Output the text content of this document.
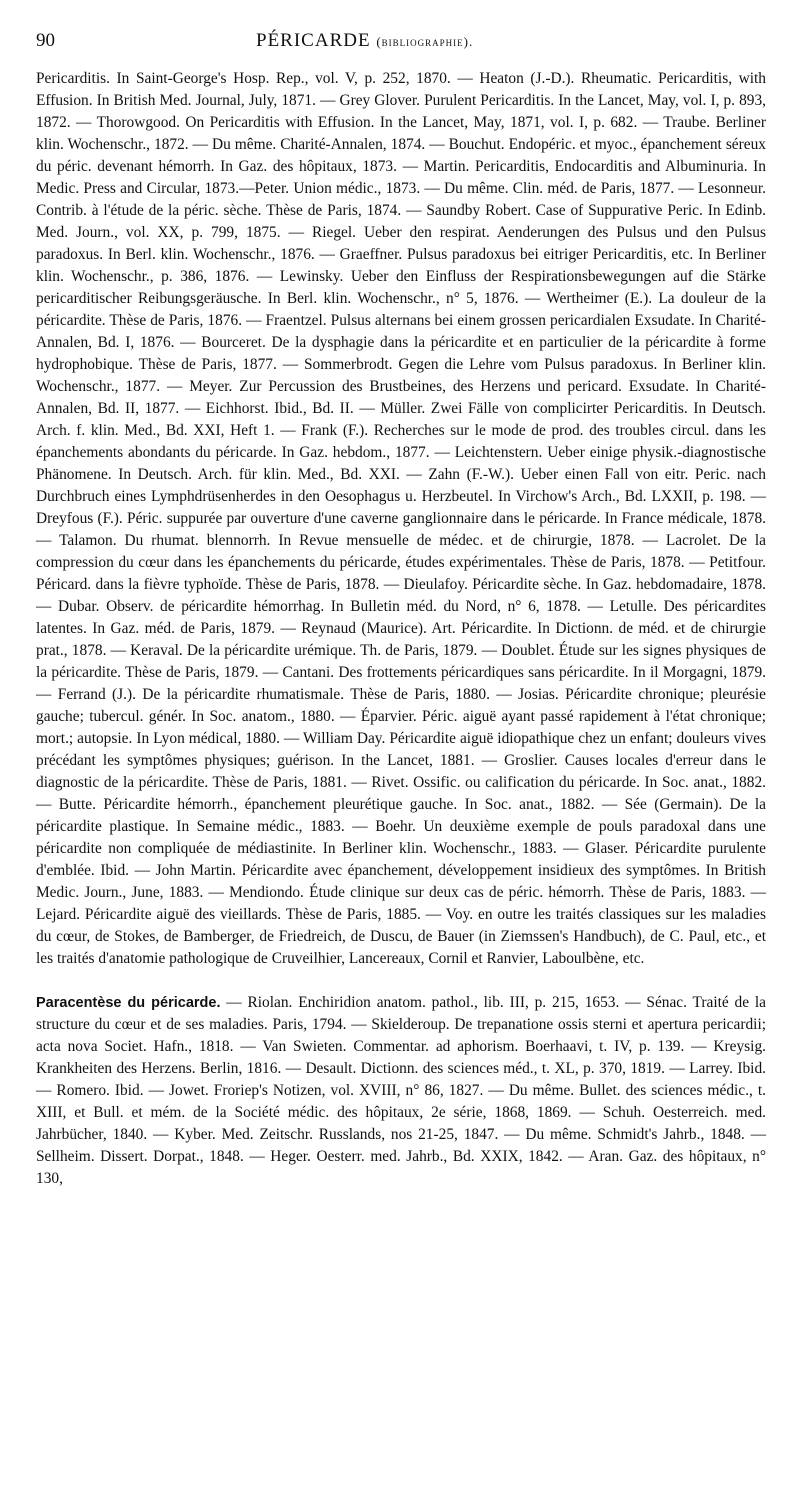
90	PÉRICARDE (bibliographie).

Pericarditis. In Saint-George's Hosp. Rep., vol. V, p. 252, 1870. — Heaton (J.-D.). Rheumatic. Pericarditis, with Effusion. In British Med. Journal, July, 1871. — Grey Glover. Purulent Pericarditis. In the Lancet, May, vol. I, p. 893, 1872. — Thorowgood. On Pericarditis with Effusion. In the Lancet, May, 1871, vol. I, p. 682. — Traube. Berliner klin. Wochenschr., 1872. — Du même. Charité-Annalen, 1874. — Bouchut. Endopéric. et myoc., épanchement séreux du péric. devenant hémorrh. In Gaz. des hôpitaux, 1873. — Martin. Pericarditis, Endocarditis and Albuminuria. In Medic. Press and Circular, 1873.—Peter. Union médic., 1873. — Du même. Clin. méd. de Paris, 1877. — Lesonneur. Contrib. à l'étude de la péric. sèche. Thèse de Paris, 1874. — Saundby Robert. Case of Suppurative Peric. In Edinb. Med. Journ., vol. XX, p. 799, 1875. — Riegel. Ueber den respirat. Aenderungen des Pulsus und den Pulsus paradoxus. In Berl. klin. Wochenschr., 1876. — Graeffner. Pulsus paradoxus bei eitriger Pericarditis, etc. In Berliner klin. Wochenschr., p. 386, 1876. — Lewinsky. Ueber den Einfluss der Respirationsbewegungen auf die Stärke pericarditischer Reibungsgeräusche. In Berl. klin. Wochenschr., n° 5, 1876. — Wertheimer (E.). La douleur de la péricardite. Thèse de Paris, 1876. — Fraentzel. Pulsus alternans bei einem grossen pericardialen Exsudate. In Charité-Annalen, Bd. I, 1876. — Bourceret. De la dysphagie dans la péricardite et en particulier de la péricardite à forme hydrophobique. Thèse de Paris, 1877. — Sommerbrodt. Gegen die Lehre vom Pulsus paradoxus. In Berliner klin. Wochenschr., 1877. — Meyer. Zur Percussion des Brustbeines, des Herzens und pericard. Exsudate. In Charité-Annalen, Bd. II, 1877. — Eichhorst. Ibid., Bd. II. — Müller. Zwei Fälle von complicirter Pericarditis. In Deutsch. Arch. f. klin. Med., Bd. XXI, Heft 1. — Frank (F.). Recherches sur le mode de prod. des troubles circul. dans les épanchements abondants du péricarde. In Gaz. hebdom., 1877. — Leichtenstern. Ueber einige physik.-diagnostische Phänomene. In Deutsch. Arch. für klin. Med., Bd. XXI. — Zahn (F.-W.). Ueber einen Fall von eitr. Peric. nach Durchbruch eines Lymphdrüsenherdes in den Oesophagus u. Herzbeutel. In Virchow's Arch., Bd. LXXII, p. 198. — Dreyfous (F.). Péric. suppurée par ouverture d'une caverne ganglionnaire dans le péricarde. In France médicale, 1878. — Talamon. Du rhumat. blennorrh. In Revue mensuelle de médec. et de chirurgie, 1878. — Lacrolet. De la compression du cœur dans les épanchements du péricarde, études expérimentales. Thèse de Paris, 1878. — Petitfour. Péricard. dans la fièvre typhoïde. Thèse de Paris, 1878. — Dieulafoy. Péricardite sèche. In Gaz. hebdomadaire, 1878. — Dubar. Observ. de péricardite hémorrhag. In Bulletin méd. du Nord, n° 6, 1878. — Letulle. Des péricardites latentes. In Gaz. méd. de Paris, 1879. — Reynaud (Maurice). Art. Péricardite. In Dictionn. de méd. et de chirurgie prat., 1878. — Keraval. De la péricardite urémique. Th. de Paris, 1879. — Doublet. Étude sur les signes physiques de la péricardite. Thèse de Paris, 1879. — Cantani. Des frottements péricardiques sans péricardite. In il Morgagni, 1879. — Ferrand (J.). De la péricardite rhumatismale. Thèse de Paris, 1880. — Josias. Péricardite chronique; pleurésie gauche; tubercul. génér. In Soc. anatom., 1880. — Éparvier. Péric. aiguë ayant passé rapidement à l'état chronique; mort.; autopsie. In Lyon médical, 1880. — William Day. Péricardite aiguë idiopathique chez un enfant; douleurs vives précédant les symptômes physiques; guérison. In the Lancet, 1881. — Groslier. Causes locales d'erreur dans le diagnostic de la péricardite. Thèse de Paris, 1881. — Rivet. Ossific. ou calification du péricarde. In Soc. anat., 1882. — Butte. Péricardite hémorrh., épanchement pleurétique gauche. In Soc. anat., 1882. — Sée (Germain). De la péricardite plastique. In Semaine médic., 1883. — Boehr. Un deuxième exemple de pouls paradoxal dans une péricardite non compliquée de médiastinite. In Berliner klin. Wochenschr., 1883. — Glaser. Péricardite purulente d'emblée. Ibid. — John Martin. Péricardite avec épanchement, développement insidieux des symptômes. In British Medic. Journ., June, 1883. — Mendiondo. Étude clinique sur deux cas de péric. hémorrh. Thèse de Paris, 1883. — Lejard. Péricardite aiguë des vieillards. Thèse de Paris, 1885. — Voy. en outre les traités classiques sur les maladies du cœur, de Stokes, de Bamberger, de Friedreich, de Duscu, de Bauer (in Ziemssen's Handbuch), de C. Paul, etc., et les traités d'anatomie pathologique de Cruveilhier, Lancereaux, Cornil et Ranvier, Laboulbène, etc.

Paracentèse du péricarde. — Riolan. Enchiridion anatom. pathol., lib. III, p. 215, 1653. — Sénac. Traité de la structure du cœur et de ses maladies. Paris, 1794. — Skielderoup. De trepanatione ossis sterni et apertura pericardii; acta nova Societ. Hafn., 1818. — Van Swieten. Commentar. ad aphorism. Boerhaavi, t. IV, p. 139. — Kreysig. Krankheiten des Herzens. Berlin, 1816. — Desault. Dictionn. des sciences méd., t. XL, p. 370, 1819. — Larrey. Ibid. — Romero. Ibid. — Jowet. Froriep's Notizen, vol. XVIII, n° 86, 1827. — Du même. Bullet. des sciences médic., t. XIII, et Bull. et mém. de la Société médic. des hôpitaux, 2e série, 1868, 1869. — Schuh. Oesterreich. med. Jahrbücher, 1840. — Kyber. Med. Zeitschr. Russlands, nos 21-25, 1847. — Du même. Schmidt's Jahrb., 1848. — Sellheim. Dissert. Dorpat., 1848. — Heger. Oesterr. med. Jahrb., Bd. XXIX, 1842. — Aran. Gaz. des hôpitaux, n° 130,
